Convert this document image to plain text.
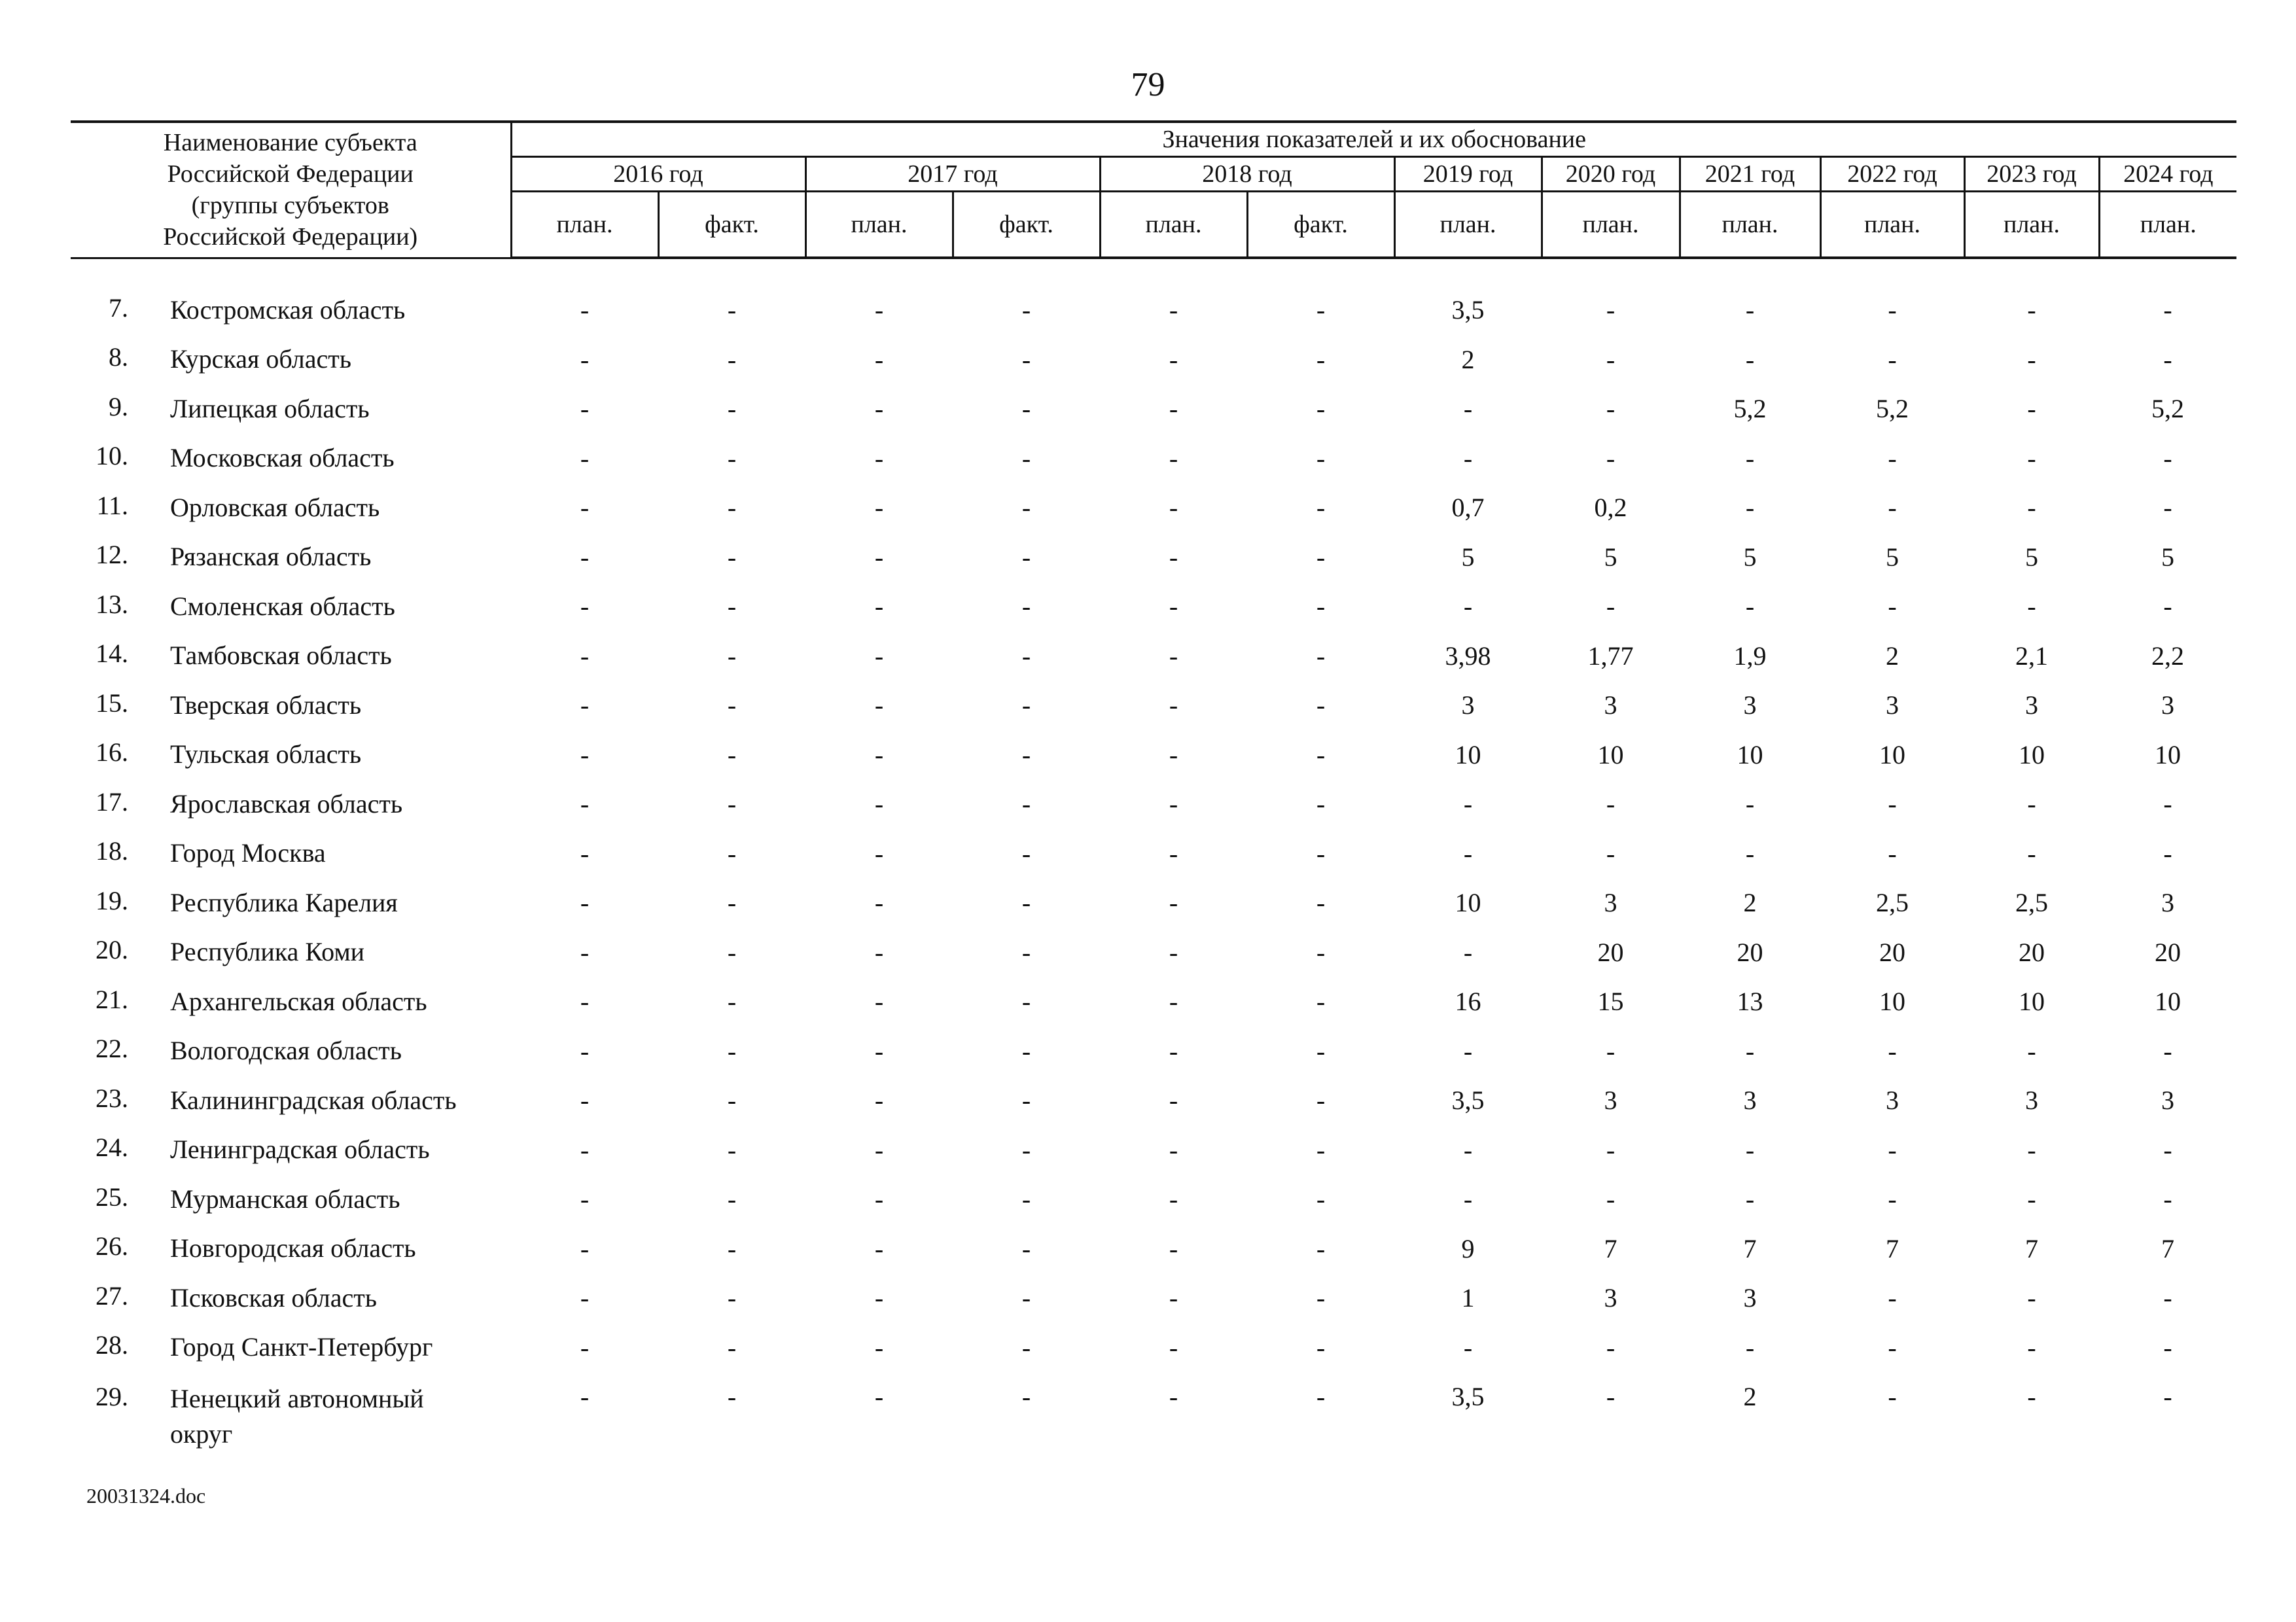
79
Наименование субъекта
Российской Федерации
(группы субъектов
Российской Федерации)	Значения показателей и их обоснование											
	2016 год		2017 год		2018 год		2019 год	2020 год	2021 год	2022 год	2023 год	2024 год
	план.	факт.	план.	факт.	план.	факт.	план.	план.	план.	план.	план.	план.

7. Костромская область	-	-	-	-	-	-	3,5	-	-	-	-	-

8. Курская область	-	-	-	-	-	-	2	-	-	-	-	-

9. Липецкая область	-	-	-	-	-	-	-	-	5,2	5,2	-	5,2

10. Московская область	-	-	-	-	-	-	-	-	-	-	-	-

11. Орловская область	-	-	-	-	-	-	0,7	0,2	-	-	-	-

12. Рязанская область	-	-	-	-	-	-	5	5	5	5	5	5

13. Смоленская область	-	-	-	-	-	-	-	-	-	-	-	-

14. Тамбовская область	-	-	-	-	-	-	3,98	1,77	1,9	2	2,1	2,2

15. Тверская область	-	-	-	-	-	-	3	3	3	3	3	3

16. Тульская область	-	-	-	-	-	-	10	10	10	10	10	10

17. Ярославская область	-	-	-	-	-	-	-	-	-	-	-	-

18. Город Москва	-	-	-	-	-	-	-	-	-	-	-	-

19. Республика Карелия	-	-	-	-	-	-	10	3	2	2,5	2,5	3

20. Республика Коми	-	-	-	-	-	-	-	20	20	20	20	20

21. Архангельская область	-	-	-	-	-	-	16	15	13	10	10	10

22. Вологодская область	-	-	-	-	-	-	-	-	-	-	-	-

23. Калининградская область	-	-	-	-	-	-	3,5	3	3	3	3	3

24. Ленинградская область	-	-	-	-	-	-	-	-	-	-	-	-

25. Мурманская область	-	-	-	-	-	-	-	-	-	-	-	-

26. Новгородская область	-	-	-	-	-	-	9	7	7	7	7	7

27. Псковская область	-	-	-	-	-	-	1	3	3	-	-	-

28. Город Санкт-Петербург	-	-	-	-	-	-	-	-	-	-	-	-

29. Ненецкий автономный округ	-	-	-	-	-	-	3,5	-	2	-	-	-
20031324.doc
